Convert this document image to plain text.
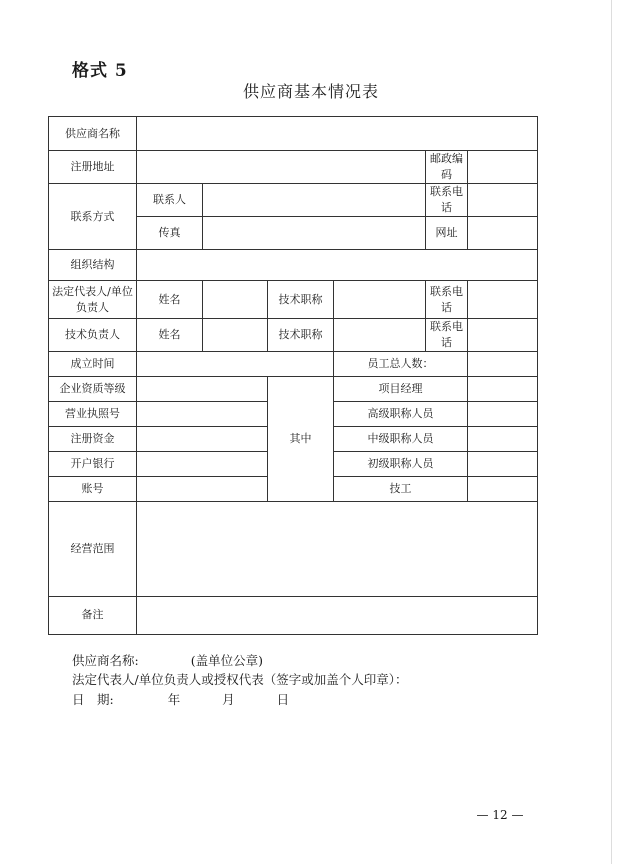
格式 5
供应商基本情况表
供应商名称						
注册地址					邮政编码	
联系方式	联系人				联系电话	
	传真				网址	
组织结构						
法定代表人/单位负责人	姓名		技术职称		联系电话	
技术负责人	姓名		技术职称		联系电话	
成立时间				员工总人数：		
企业资质等级			其中	项目经理		
营业执照号				高级职称人员		
注册资金				中级职称人员		
开户银行				初级职称人员		
账号				技工		
经营范围						
备注						
供应商名称:	(盖单位公章)
法定代表人/单位负责人或授权代表（签字或加盖个人印章）：
日　期:	年	月	日
— 12 —
